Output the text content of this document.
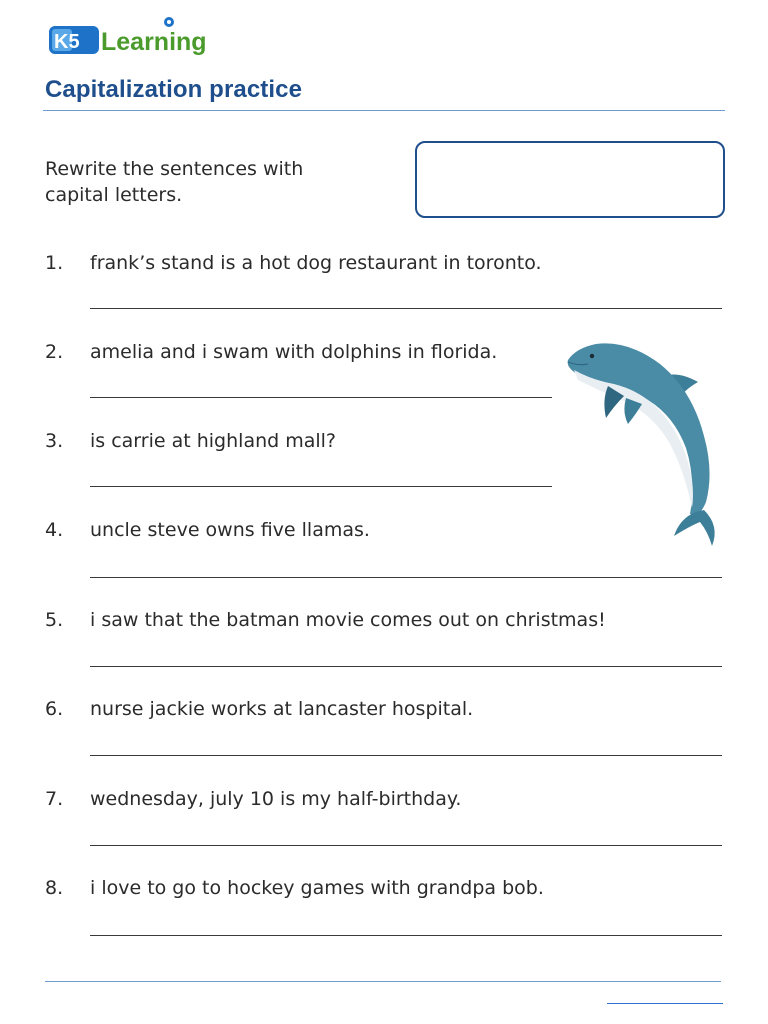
K5 Learning
Capitalization practice
Rewrite the sentences with capital letters.
1. frank’s stand is a hot dog restaurant in toronto.
2. amelia and i swam with dolphins in florida.
3. is carrie at highland mall?
4. uncle steve owns five llamas.
5. i saw that the batman movie comes out on christmas!
6. nurse jackie works at lancaster hospital.
7. wednesday, july 10 is my half-birthday.
8. i love to go to hockey games with grandpa bob.
